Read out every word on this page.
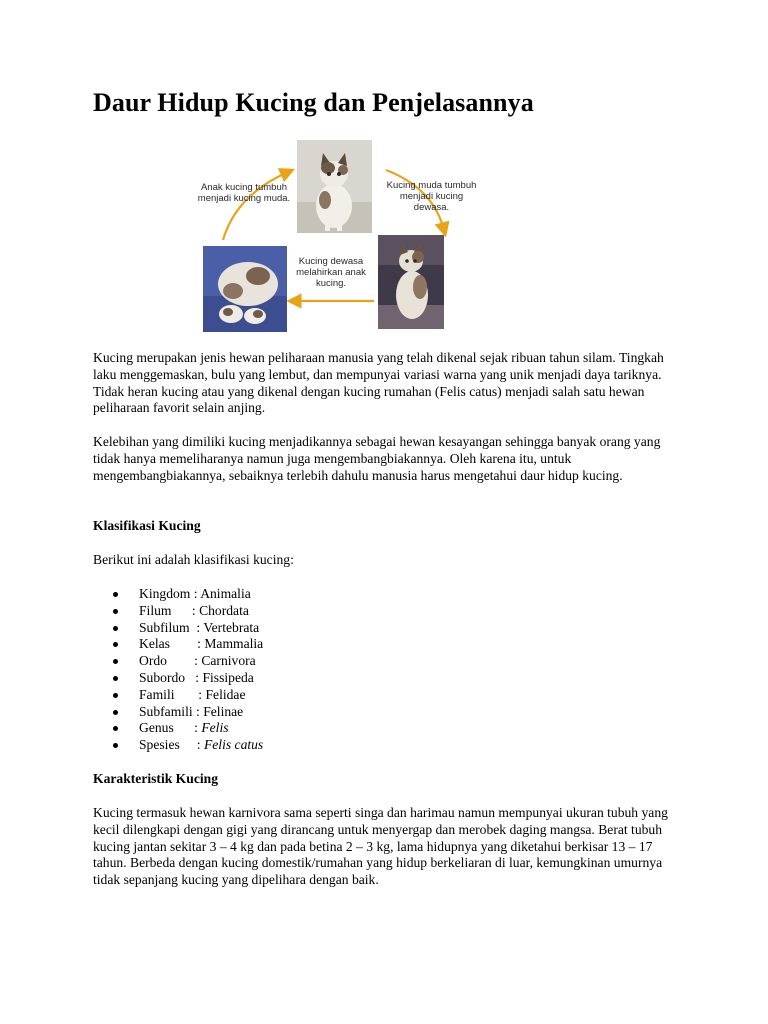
Daur Hidup Kucing dan Penjelasannya
Anak kucing tumbuh menjadi kucing muda.
Kucing muda tumbuh menjadi kucing dewasa.
Kucing dewasa melahirkan anak kucing.

Kucing merupakan jenis hewan peliharaan manusia yang telah dikenal sejak ribuan tahun silam. Tingkah laku menggemaskan, bulu yang lembut, dan mempunyai variasi warna yang unik menjadi daya tariknya. Tidak heran kucing atau yang dikenal dengan kucing rumahan (Felis catus) menjadi salah satu hewan peliharaan favorit selain anjing.

Kelebihan yang dimiliki kucing menjadikannya sebagai hewan kesayangan sehingga banyak orang yang tidak hanya memeliharanya namun juga mengembangbiakannya. Oleh karena itu, untuk mengembangbiakannya, sebaiknya terlebih dahulu manusia harus mengetahui daur hidup kucing.

Klasifikasi Kucing

Berikut ini adalah klasifikasi kucing:

Kingdom : Animalia
Filum      : Chordata
Subfilum  : Vertebrata
Kelas        : Mammalia
Ordo        : Carnivora
Subordo   : Fissipeda
Famili       : Felidae
Subfamili : Felinae
Genus      : Felis
Spesies     : Felis catus
Karakteristik Kucing

Kucing termasuk hewan karnivora sama seperti singa dan harimau namun mempunyai ukuran tubuh yang kecil dilengkapi dengan gigi yang dirancang untuk menyergap dan merobek daging mangsa. Berat tubuh kucing jantan sekitar 3 – 4 kg dan pada betina 2 – 3 kg, lama hidupnya yang diketahui berkisar 13 – 17 tahun. Berbeda dengan kucing domestik/rumahan yang hidup berkeliaran di luar, kemungkinan umurnya tidak sepanjang kucing yang dipelihara dengan baik.
